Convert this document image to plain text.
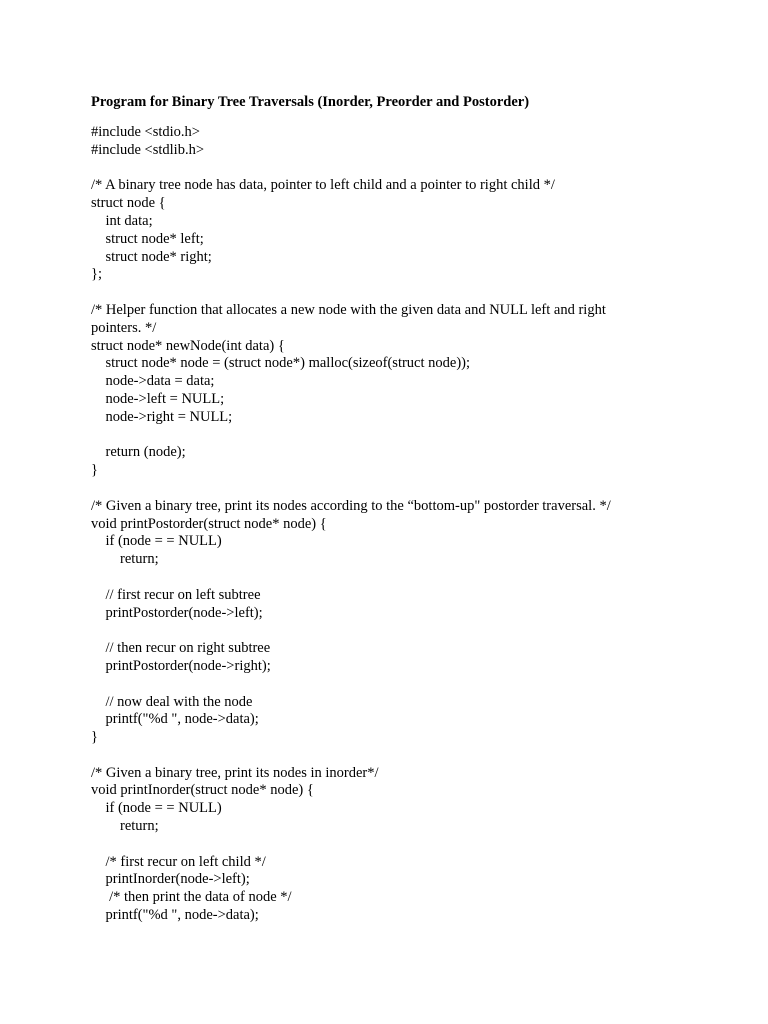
Program for Binary Tree Traversals (Inorder, Preorder and Postorder)
#include <stdio.h>
#include <stdlib.h>

/* A binary tree node has data, pointer to left child and a pointer to right child */
struct node {
int data;
struct node* left;
struct node* right;
};

/* Helper function that allocates a new node with the given data and NULL left and right
pointers. */
struct node* newNode(int data) {
struct node* node = (struct node*) malloc(sizeof(struct node));
node->data = data;
node->left = NULL;
node->right = NULL;

return (node);
}

/* Given a binary tree, print its nodes according to the “bottom-up" postorder traversal. */
void printPostorder(struct node* node) {
if (node = = NULL)
return;

// first recur on left subtree
printPostorder(node->left);

// then recur on right subtree
printPostorder(node->right);

// now deal with the node
printf("%d ", node->data);
}

/* Given a binary tree, print its nodes in inorder*/
void printInorder(struct node* node) {
if (node = = NULL)
return;

/* first recur on left child */
printInorder(node->left);
/* then print the data of node */
printf("%d ", node->data);
